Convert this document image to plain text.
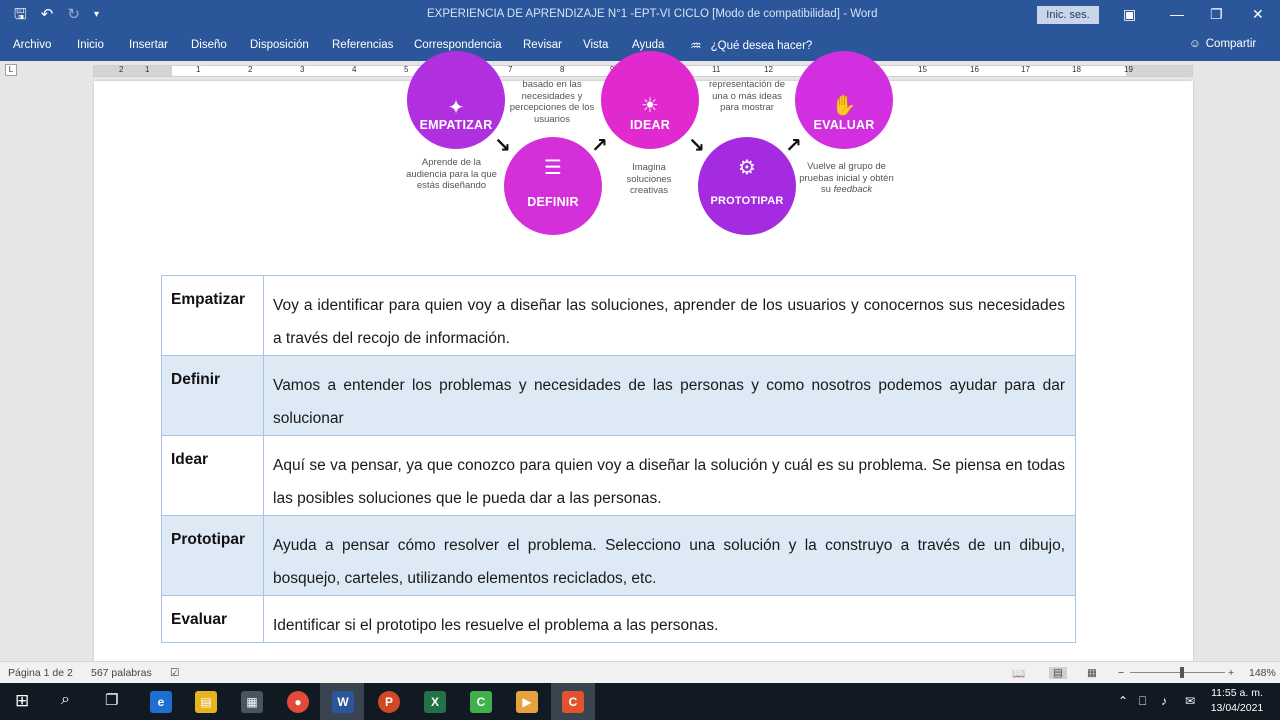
🖫 ↶ ↻ ▾	EXPERIENCIA DE APRENDIZAJE N°1 -EPT-VI CICLO [Modo de compatibilidad] - Word	Inic. ses.	▣ — ❐ ✕
Archivo Inicio Insertar Diseño Disposición Referencias Correspondencia Revisar Vista Ayuda ♒ ¿Qué desea hacer?	☺ Compartir
L	2	1	1	2	3	4	5	7	8	11	12	15	16	17	18	19
✦
EMPATIZAR
☰
DEFINIR
☀
IDEAR
⚙
PROTOTIPAR
✋
EVALUAR
Aprende de la audiencia para la que estás diseñando
basado en las necesidades y percepciones de los usuarios
Imagina soluciones creativas
representación de una o más ideas para mostrar
Vuelve al grupo de pruebas inicial y obtén su feedback
↘	↗	↘	↗
Empatizar	Voy a identificar para quien voy a diseñar las soluciones, aprender de los usuarios y conocernos sus necesidades a través del recojo de información.
Definir	Vamos a entender los problemas y necesidades de las personas y como nosotros podemos ayudar para dar solucionar
Idear	Aquí se va pensar, ya que conozco para quien voy a diseñar la solución y cuál es su problema. Se piensa en todas las posibles soluciones que le pueda dar a las personas.
Prototipar	Ayuda a pensar cómo resolver el problema. Selecciono una solución y la construyo a través de un dibujo, bosquejo, carteles, utilizando elementos reciclados, etc.
Evaluar	Identificar si el prototipo les resuelve el problema a las personas.
Página 1 de 2 567 palabras ☑	📖	▤	▦ −	+ 148%
⊞ ⌕ ❐	e	▤	▦	●	W	P	X	C	▶	C	⌃ ⎕ ♪ ✉
11:55 a. m.
13/04/2021
